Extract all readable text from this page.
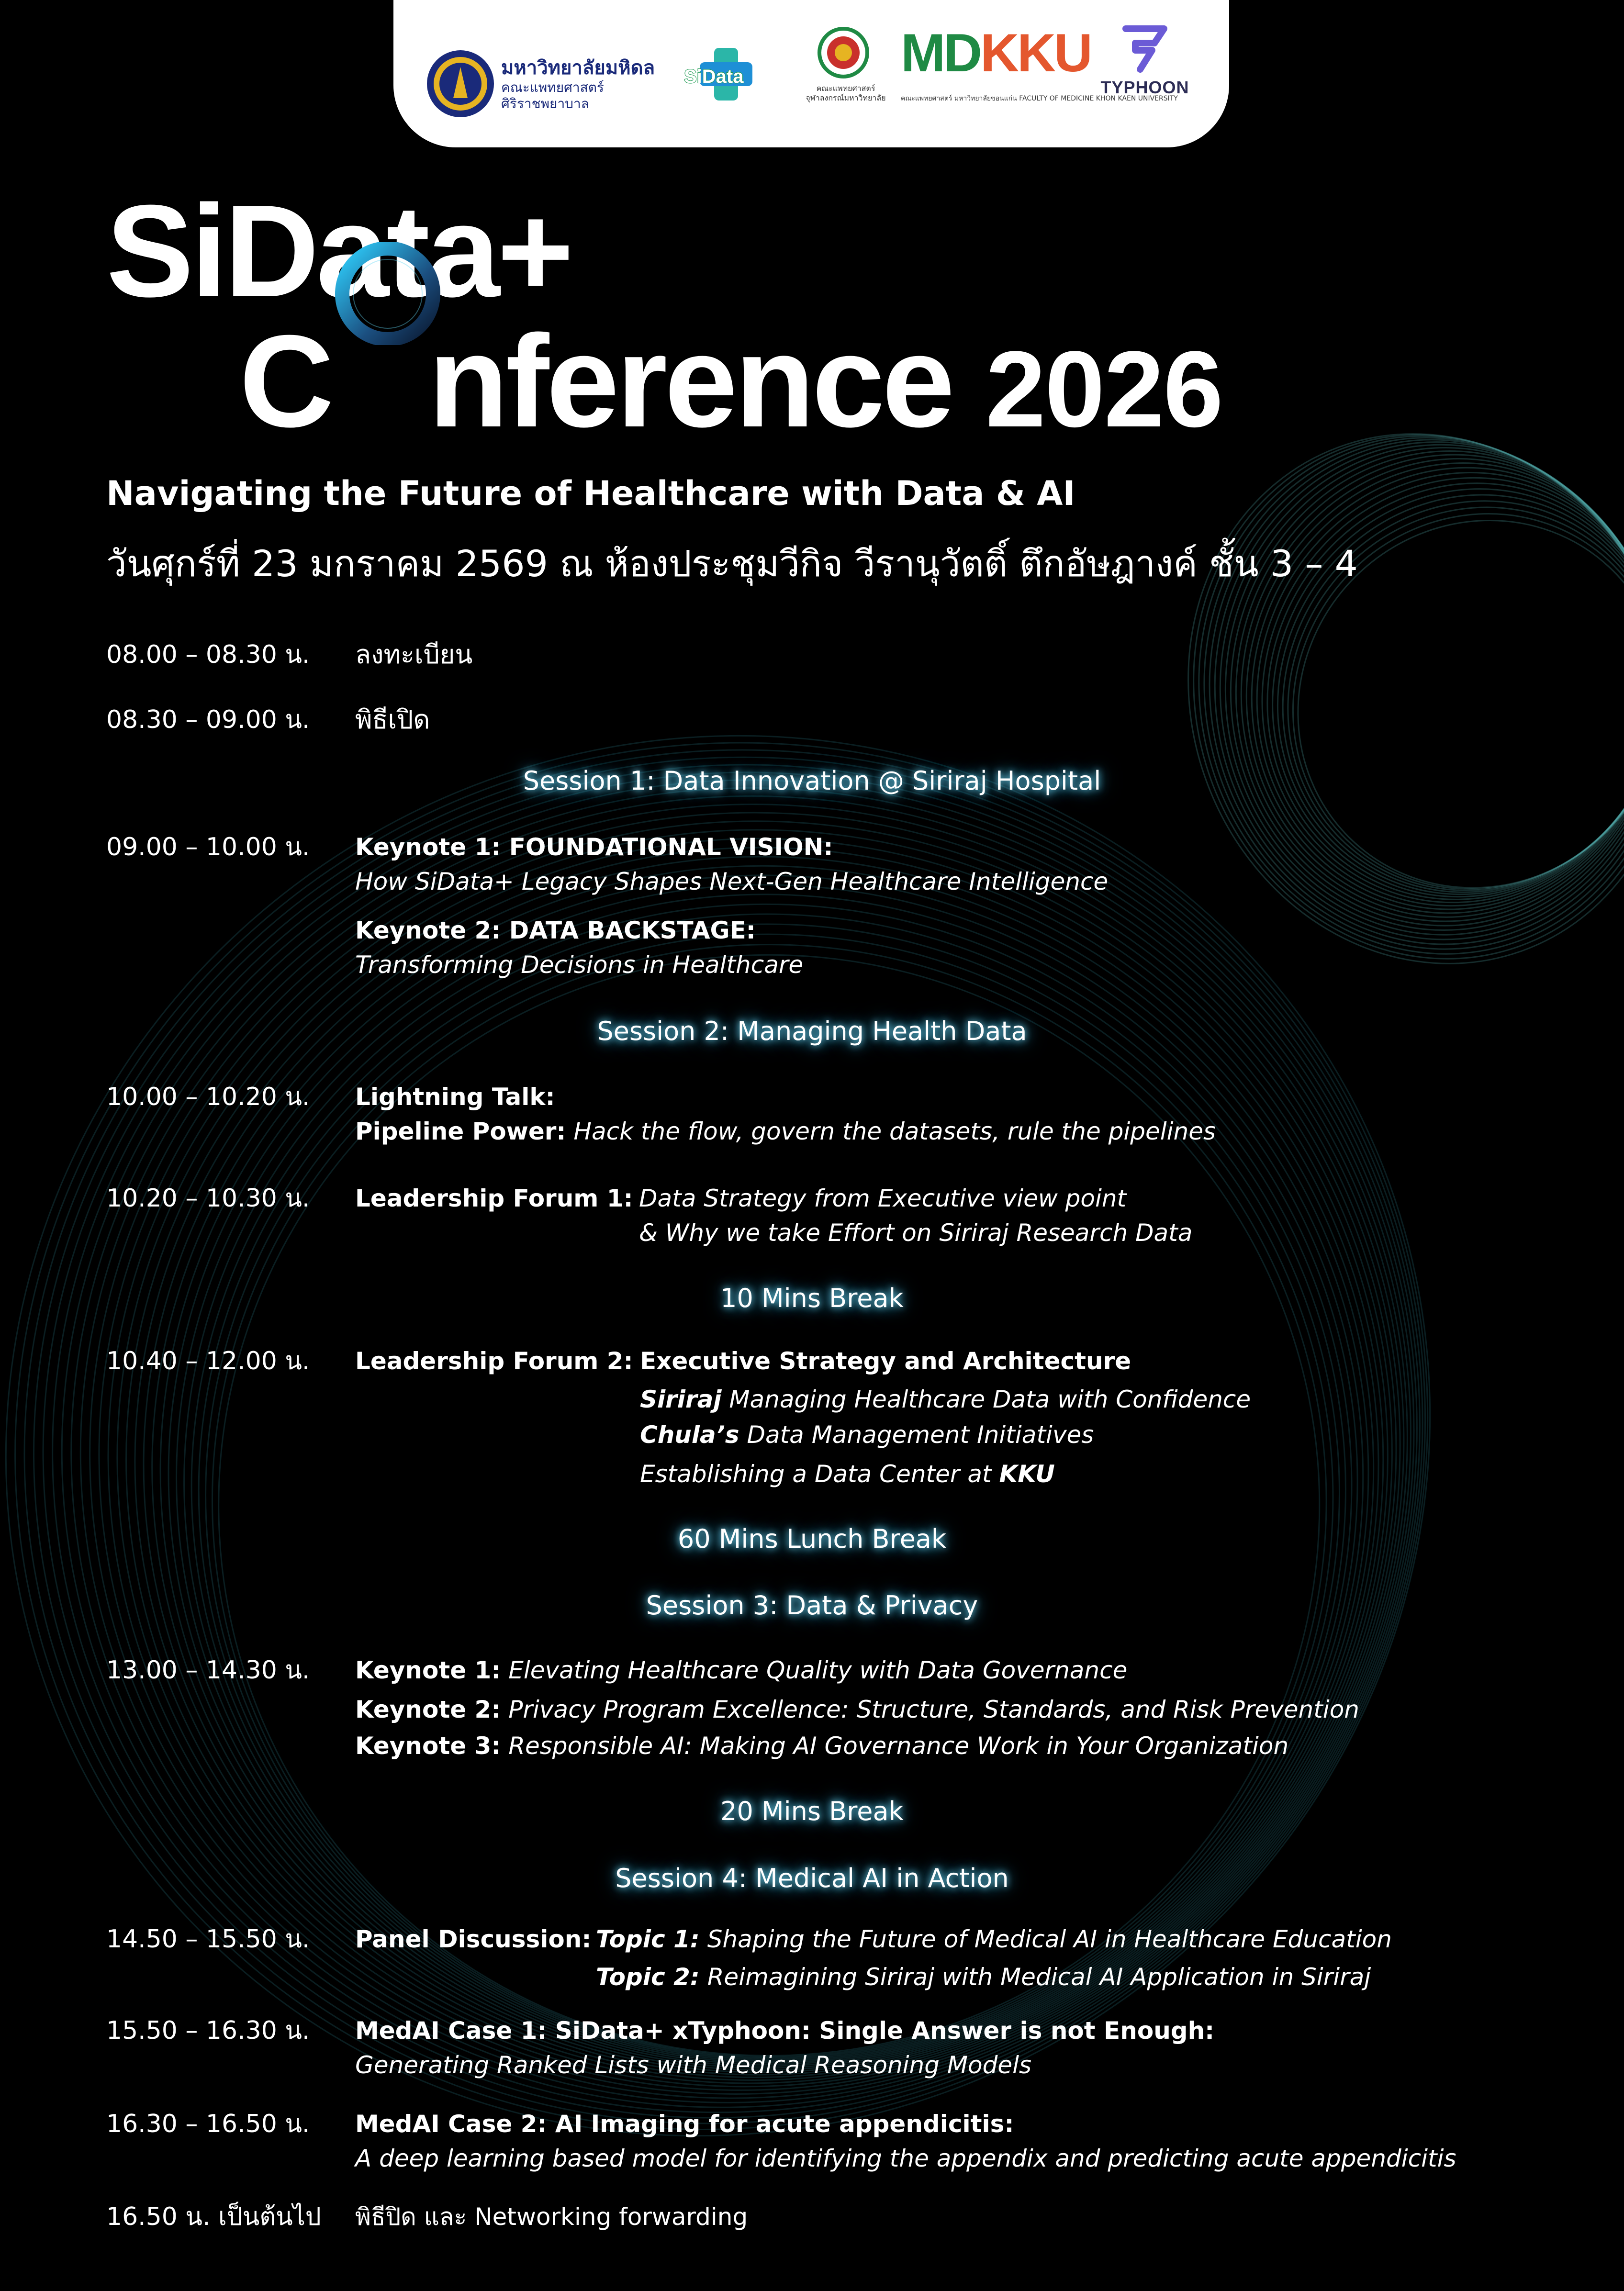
มหาวิทยาลัยมหิดล
คณะแพทยศาสตร์
ศิริราชพยาบาล
SiData
คณะแพทยศาสตร์
จุฬาลงกรณ์มหาวิทยาลัย
MDKKU
คณะแพทยศาสตร์ มหาวิทยาลัยขอนแก่น FACULTY OF MEDICINE KHON KAEN UNIVERSITY
TYPHOON
SiData+
C nference 2026
Navigating the Future of Healthcare with Data & AI
วันศุกร์ที่ 23 มกราคม 2569 ณ ห้องประชุมวีกิจ วีรานุวัตติ์ ตึกอัษฎางค์ ชั้น 3 – 4
08.00 – 08.30 น. ลงทะเบียน
08.30 – 09.00 น. พิธีเปิด
Session 1: Data Innovation @ Siriraj Hospital
09.00 – 10.00 น. Keynote 1: FOUNDATIONAL VISION:
How SiData+ Legacy Shapes Next-Gen Healthcare Intelligence
Keynote 2: DATA BACKSTAGE:
Transforming Decisions in Healthcare
Session 2: Managing Health Data
10.00 – 10.20 น. Lightning Talk:
Pipeline Power: Hack the flow, govern the datasets, rule the pipelines
10.20 – 10.30 น. Leadership Forum 1: Data Strategy from Executive view point
& Why we take Effort on Siriraj Research Data
10 Mins Break
10.40 – 12.00 น. Leadership Forum 2: Executive Strategy and Architecture
Siriraj Managing Healthcare Data with Confidence
Chula’s Data Management Initiatives
Establishing a Data Center at KKU
60 Mins Lunch Break
Session 3: Data & Privacy
13.00 – 14.30 น. Keynote 1: Elevating Healthcare Quality with Data Governance
Keynote 2: Privacy Program Excellence: Structure, Standards, and Risk Prevention
Keynote 3: Responsible AI: Making AI Governance Work in Your Organization
20 Mins Break
Session 4: Medical AI in Action
14.50 – 15.50 น. Panel Discussion: Topic 1: Shaping the Future of Medical AI in Healthcare Education
Topic 2: Reimagining Siriraj with Medical AI Application in Siriraj
15.50 – 16.30 น. MedAI Case 1: SiData+ xTyphoon: Single Answer is not Enough:
Generating Ranked Lists with Medical Reasoning Models
16.30 – 16.50 น. MedAI Case 2: AI Imaging for acute appendicitis:
A deep learning based model for identifying the appendix and predicting acute appendicitis
16.50 น. เป็นต้นไป พิธีปิด และ Networking forwarding
